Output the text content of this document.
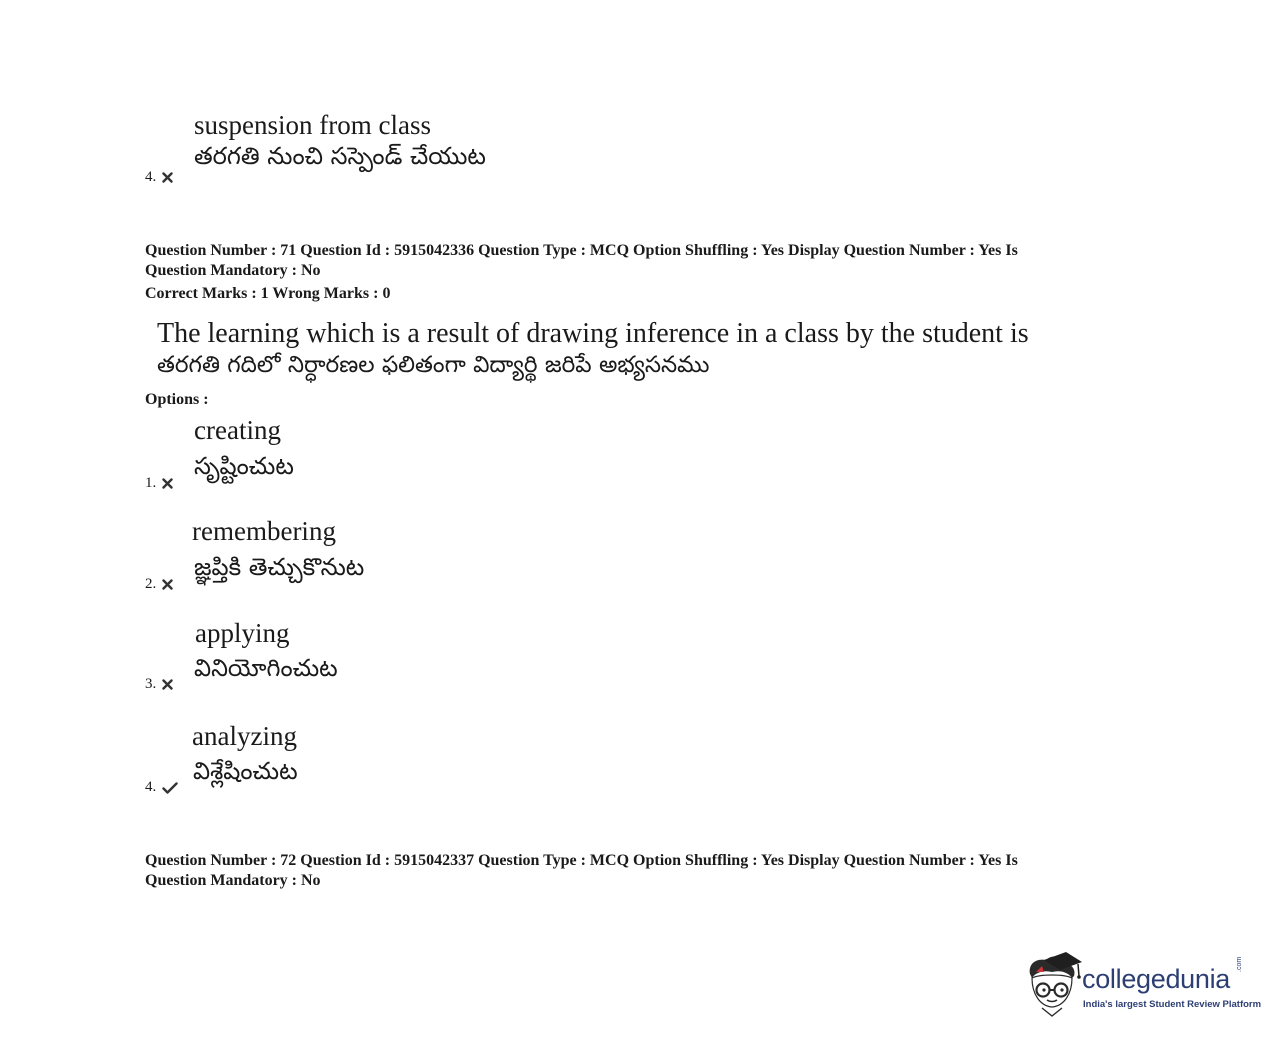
suspension from class
తరగతి నుంచి సస్పెండ్ చేయుట
4.
Question Number : 71 Question Id : 5915042336 Question Type : MCQ Option Shuffling : Yes Display Question Number : Yes Is
Question Mandatory : No
Correct Marks : 1 Wrong Marks : 0
The learning which is a result of drawing inference in a class by the student is
తరగతి గదిలో నిర్ధారణల ఫలితంగా విద్యార్థి జరిపే అభ్యసనము
Options :
creating
సృష్టించుట
1.
remembering
జ్ఞప్తికి తెచ్చుకొనుట
2.
applying
వినియోగించుట
3.
analyzing
విశ్లేషించుట
4.
Question Number : 72 Question Id : 5915042337 Question Type : MCQ Option Shuffling : Yes Display Question Number : Yes Is
Question Mandatory : No
collegedunia .com
India's largest Student Review Platform
